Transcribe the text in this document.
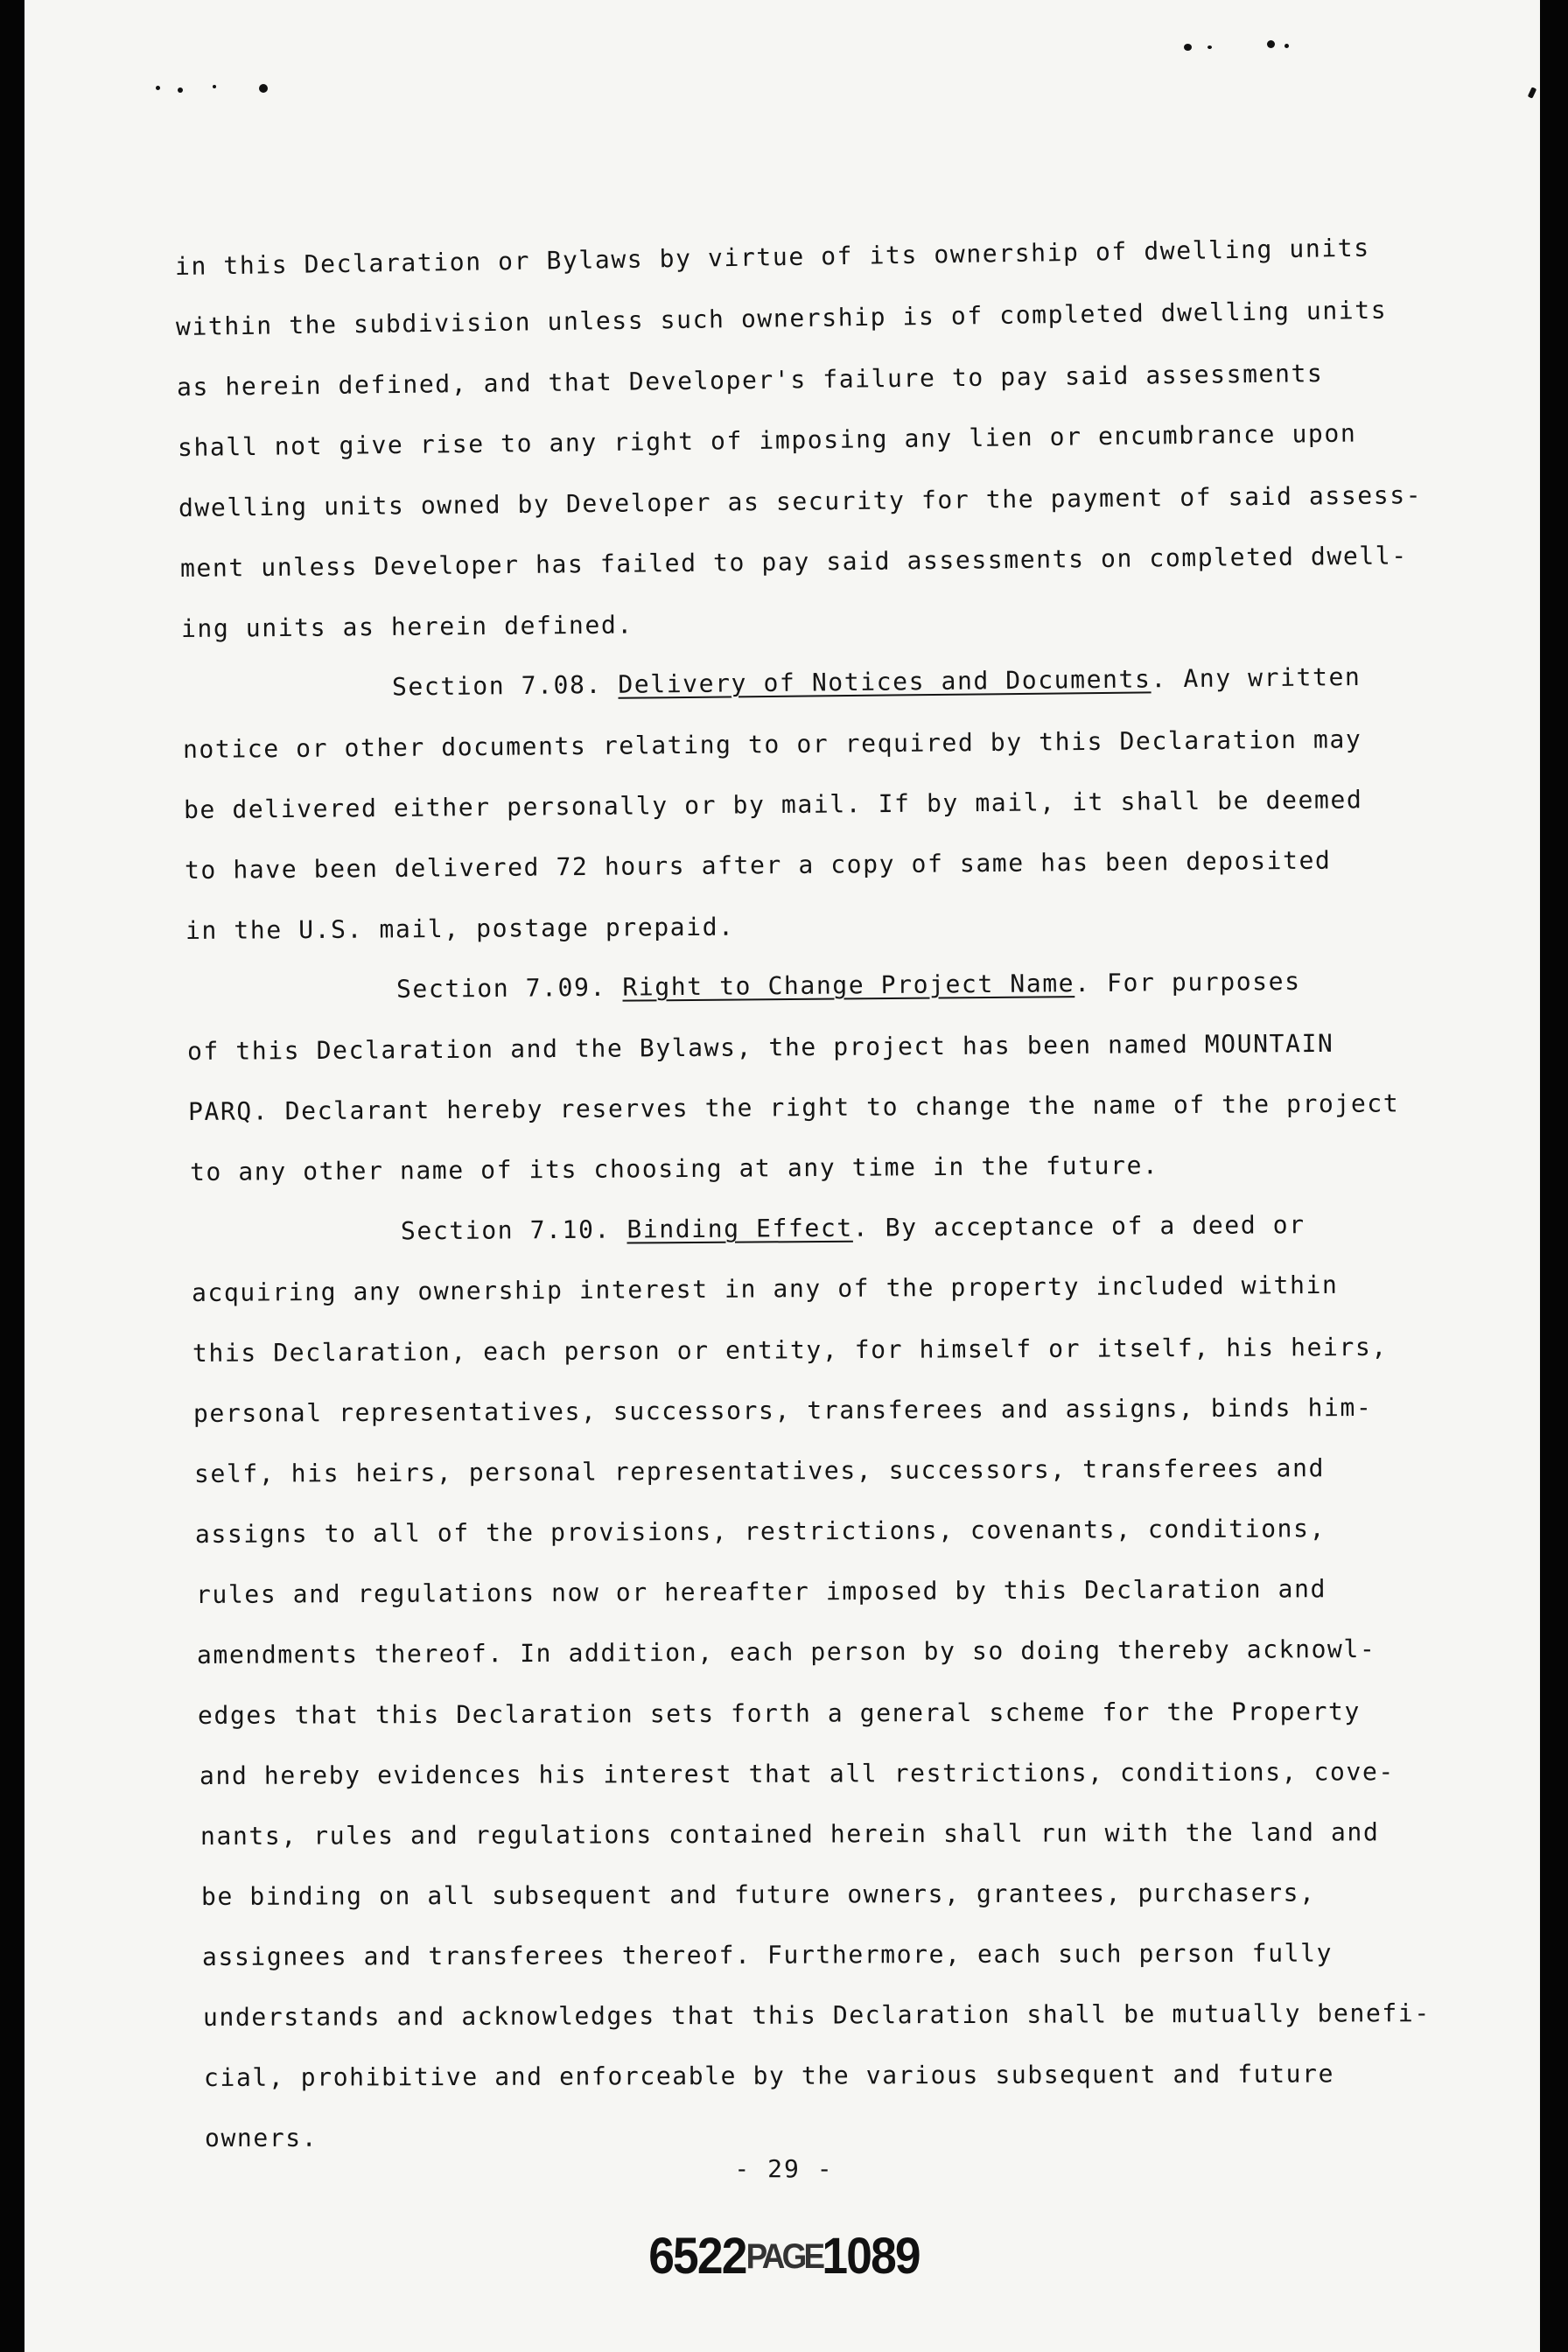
in this Declaration or Bylaws by virtue of its ownership of dwelling units
within the subdivision unless such ownership is of completed dwelling units
as herein defined, and that Developer's failure to pay said assessments
shall not give rise to any right of imposing any lien or encumbrance upon
dwelling units owned by Developer as security for the payment of said assess-
ment unless Developer has failed to pay said assessments on completed dwell-
ing units as herein defined.
Section 7.08. Delivery of Notices and Documents. Any written
notice or other documents relating to or required by this Declaration may
be delivered either personally or by mail. If by mail, it shall be deemed
to have been delivered 72 hours after a copy of same has been deposited
in the U.S. mail, postage prepaid.
Section 7.09. Right to Change Project Name. For purposes
of this Declaration and the Bylaws, the project has been named MOUNTAIN
PARQ. Declarant hereby reserves the right to change the name of the project
to any other name of its choosing at any time in the future.
Section 7.10. Binding Effect. By acceptance of a deed or
acquiring any ownership interest in any of the property included within
this Declaration, each person or entity, for himself or itself, his heirs,
personal representatives, successors, transferees and assigns, binds him-
self, his heirs, personal representatives, successors, transferees and
assigns to all of the provisions, restrictions, covenants, conditions,
rules and regulations now or hereafter imposed by this Declaration and
amendments thereof. In addition, each person by so doing thereby acknowl-
edges that this Declaration sets forth a general scheme for the Property
and hereby evidences his interest that all restrictions, conditions, cove-
nants, rules and regulations contained herein shall run with the land and
be binding on all subsequent and future owners, grantees, purchasers,
assignees and transferees thereof. Furthermore, each such person fully
understands and acknowledges that this Declaration shall be mutually benefi-
cial, prohibitive and enforceable by the various subsequent and future
owners.
- 29 -
6522PAGE1089
